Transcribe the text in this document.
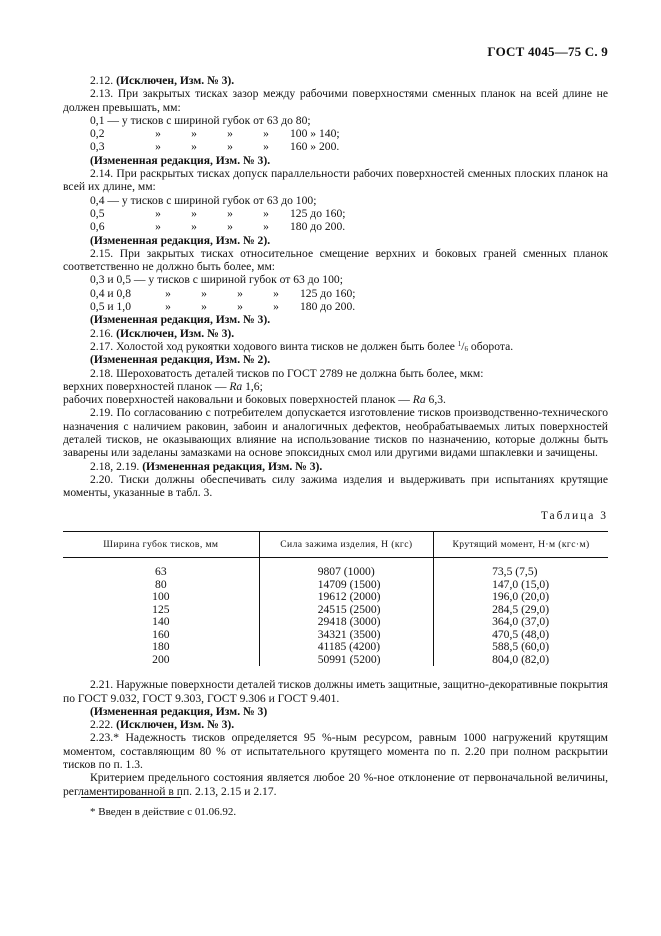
ГОСТ 4045—75 С. 9

2.12. (Исключен, Изм. № 3).

2.13. При закрытых тисках зазор между рабочими поверхностями сменных планок на всей длине не должен превышать, мм:

0,1 — у тисков с шириной губок от 63 до 80;
0,2	»	»	»	»	100 » 140;
0,3	»	»	»	»	160 » 200.

(Измененная редакция, Изм. № 3).

2.14. При раскрытых тисках допуск параллельности рабочих поверхностей сменных плоских планок на всей их длине, мм:

0,4 — у тисков с шириной губок от 63 до 100;
0,5	»	»	»	»	125 до 160;
0,6	»	»	»	»	180 до 200.

(Измененная редакция, Изм. № 2).

2.15. При закрытых тисках относительное смещение верхних и боковых граней сменных планок соответственно не должно быть более, мм:

0,3 и 0,5 — у тисков с шириной губок от 63 до 100;
0,4 и 0,8	»	»	»	»	125 до 160;
0,5 и 1,0	»	»	»	»	180 до 200.

(Измененная редакция, Изм. № 3).

2.16. (Исключен, Изм. № 3).

2.17. Холостой ход рукоятки ходового винта тисков не должен быть более $^1/_6$ оборота.

(Измененная редакция, Изм. № 2).

2.18. Шероховатость деталей тисков по ГОСТ 2789 не должна быть более, мкм:

верхних поверхностей планок — Ra 1,6;

рабочих поверхностей наковальни и боковых поверхностей планок — Ra 6,3.

2.19. По согласованию с потребителем допускается изготовление тисков производственно-технического назначения с наличием раковин, забоин и аналогичных дефектов, необрабатываемых литых поверхностей деталей тисков, не оказывающих влияние на использование тисков по назначению, которые должны быть заварены или заделаны замазками на основе эпоксидных смол или другими видами шпаклевки и зачищены.

2.18, 2.19. (Измененная редакция, Изм. № 3).

2.20. Тиски должны обеспечивать силу зажима изделия и выдерживать при испытаниях крутящие моменты, указанные в табл. 3.

Таблица 3
Ширина губок тисков, мм	Сила зажима изделия, Н (кгс)	Крутящий момент, Н·м (кгс·м)
63	9807 (1000)	73,5 (7,5)
80	14709 (1500)	147,0 (15,0)
100	19612 (2000)	196,0 (20,0)
125	24515 (2500)	284,5 (29,0)
140	29418 (3000)	364,0 (37,0)
160	34321 (3500)	470,5 (48,0)
180	41185 (4200)	588,5 (60,0)
200	50991 (5200)	804,0 (82,0)

2.21. Наружные поверхности деталей тисков должны иметь защитные, защитно-декоративные покрытия по ГОСТ 9.032, ГОСТ 9.303, ГОСТ 9.306 и ГОСТ 9.401.

(Измененная редакция, Изм. № 3)

2.22. (Исключен, Изм. № 3).

2.23.* Надежность тисков определяется 95 %-ным ресурсом, равным 1000 нагружений крутящим моментом, составляющим 80 % от испытательного крутящего момента по п. 2.20 при полном раскрытии тисков по п. 1.3.

Критерием предельного состояния является любое 20 %-ное отклонение от первоначальной величины, регламентированной в пп. 2.13, 2.15 и 2.17.

* Введен в действие с 01.06.92.
